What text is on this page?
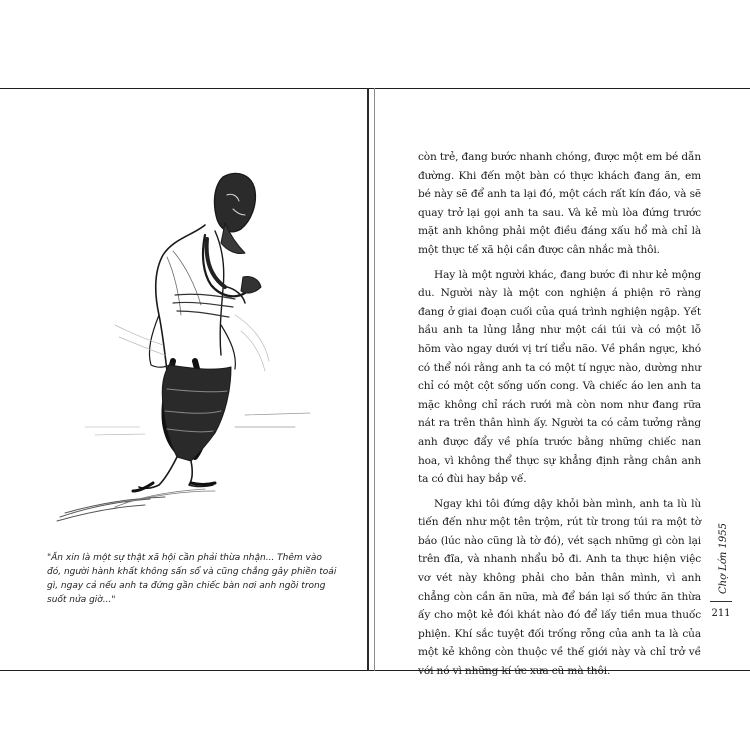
"Ăn xin là một sự thật xã hội cần phải thừa nhận... Thêm vào đó, người hành khất không sấn sổ và cũng chẳng gây phiền toái gì, ngay cả nếu anh ta đứng gần chiếc bàn nơi anh ngồi trong suốt nửa giờ..."

còn trẻ, đang bước nhanh chóng, được một em bé dẫn đường. Khi đến một bàn có thực khách đang ăn, em bé này sẽ để anh ta lại đó, một cách rất kín đáo, và sẽ quay trở lại gọi anh ta sau. Và kẻ mù lòa đứng trước mặt anh không phải một điều đáng xấu hổ mà chỉ là một thực tế xã hội cần được cân nhắc mà thôi.

Hay là một người khác, đang bước đi như kẻ mộng du. Người này là một con nghiện á phiện rõ ràng đang ở giai đoạn cuối của quá trình nghiện ngập. Yết hầu anh ta lủng lẳng như một cái túi và có một lỗ hõm vào ngay dưới vị trí tiểu não. Về phần ngực, khó có thể nói rằng anh ta có một tí ngực nào, dường như chỉ có một cột sống uốn cong. Và chiếc áo len anh ta mặc không chỉ rách rưới mà còn nom như đang rữa nát ra trên thân hình ấy. Người ta có cảm tưởng rằng anh được đẩy về phía trước bằng những chiếc nan hoa, vì không thể thực sự khẳng định rằng chân anh ta có đùi hay bắp vế.

Ngay khi tôi đứng dậy khỏi bàn mình, anh ta lù lù tiến đến như một tên trộm, rút từ trong túi ra một tờ báo (lúc nào cũng là tờ đó), vét sạch những gì còn lại trên đĩa, và nhanh nhẩu bỏ đi. Anh ta thực hiện việc vơ vét này không phải cho bản thân mình, vì anh chẳng còn cần ăn nữa, mà để bán lại số thức ăn thừa ấy cho một kẻ đói khát nào đó để lấy tiền mua thuốc phiện. Khí sắc tuyệt đối trống rỗng của anh ta là của một kẻ không còn thuộc về thế giới này và chỉ trở về với nó vì những kí ức xưa cũ mà thôi.

Chợ Lớn 1955
211
